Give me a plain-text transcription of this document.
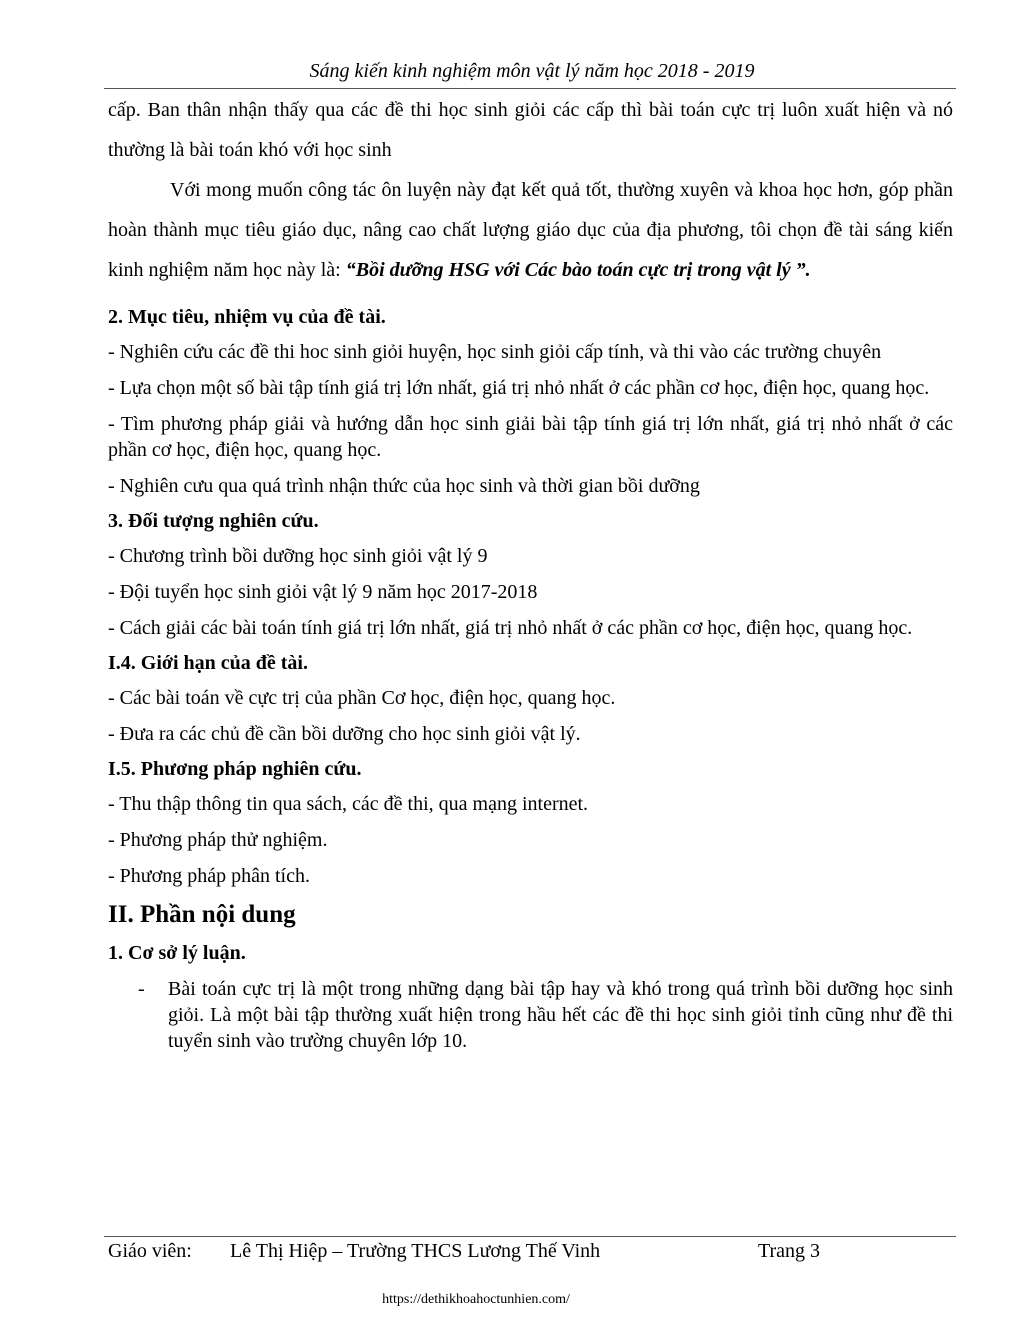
Sáng kiến kinh nghiệm môn vật lý năm học 2018 - 2019

cấp. Ban thân nhận thấy qua các đề thi học sinh giỏi các cấp thì bài toán cực trị luôn xuất hiện và nó thường là bài toán khó với học sinh

Với mong muốn công tác ôn luyện này đạt kết quả tốt, thường xuyên và khoa học hơn, góp phần hoàn thành mục tiêu giáo dục, nâng cao chất lượng giáo dục của địa phương, tôi chọn đề tài sáng kiến kinh nghiệm năm học này là: “Bồi dưỡng HSG với Các bào toán cực trị trong vật lý ”.

2. Mục tiêu, nhiệm vụ của đề tài.

- Nghiên cứu các đề thi hoc sinh giỏi huyện, học sinh giỏi cấp tính, và thi vào các trường chuyên

- Lựa chọn một số bài tập tính giá trị lớn nhất, giá trị nhỏ nhất ở các phần cơ học, điện học, quang học.

- Tìm phương pháp giải và hướng dẫn học sinh giải bài tập tính giá trị lớn nhất, giá trị nhỏ nhất ở các phần cơ học, điện học, quang học.

- Nghiên cưu qua quá trình nhận thức của học sinh và thời gian bồi dưỡng

3. Đối tượng nghiên cứu.

- Chương trình bồi dưỡng học sinh giỏi vật lý 9

- Đội tuyển học sinh giỏi vật lý 9 năm học 2017-2018

- Cách giải các bài toán tính giá trị lớn nhất, giá trị nhỏ nhất ở các phần cơ học, điện học, quang học.

I.4. Giới hạn của đề tài.

- Các bài toán về cực trị của phần Cơ học, điện học, quang học.

- Đưa ra các chủ đề cần bồi dưỡng cho học sinh giỏi vật lý.

I.5. Phương pháp nghiên cứu.

- Thu thập thông tin qua sách, các đề thi, qua mạng internet.

- Phương pháp thử nghiệm.

- Phương pháp phân tích.

II. Phần nội dung

1. Cơ sở lý luận.

-	Bài toán cực trị là một trong những dạng bài tập hay và khó trong quá trình bồi dưỡng học sinh giỏi. Là một bài tập thường xuất hiện trong hầu hết các đề thi học sinh giỏi tỉnh cũng như đề thi tuyển sinh vào trường chuyên lớp 10.
Giáo viên: Lê Thị Hiệp – Trường THCS Lương Thế Vinh	Trang 3
https://dethikhoahoctunhien.com/
